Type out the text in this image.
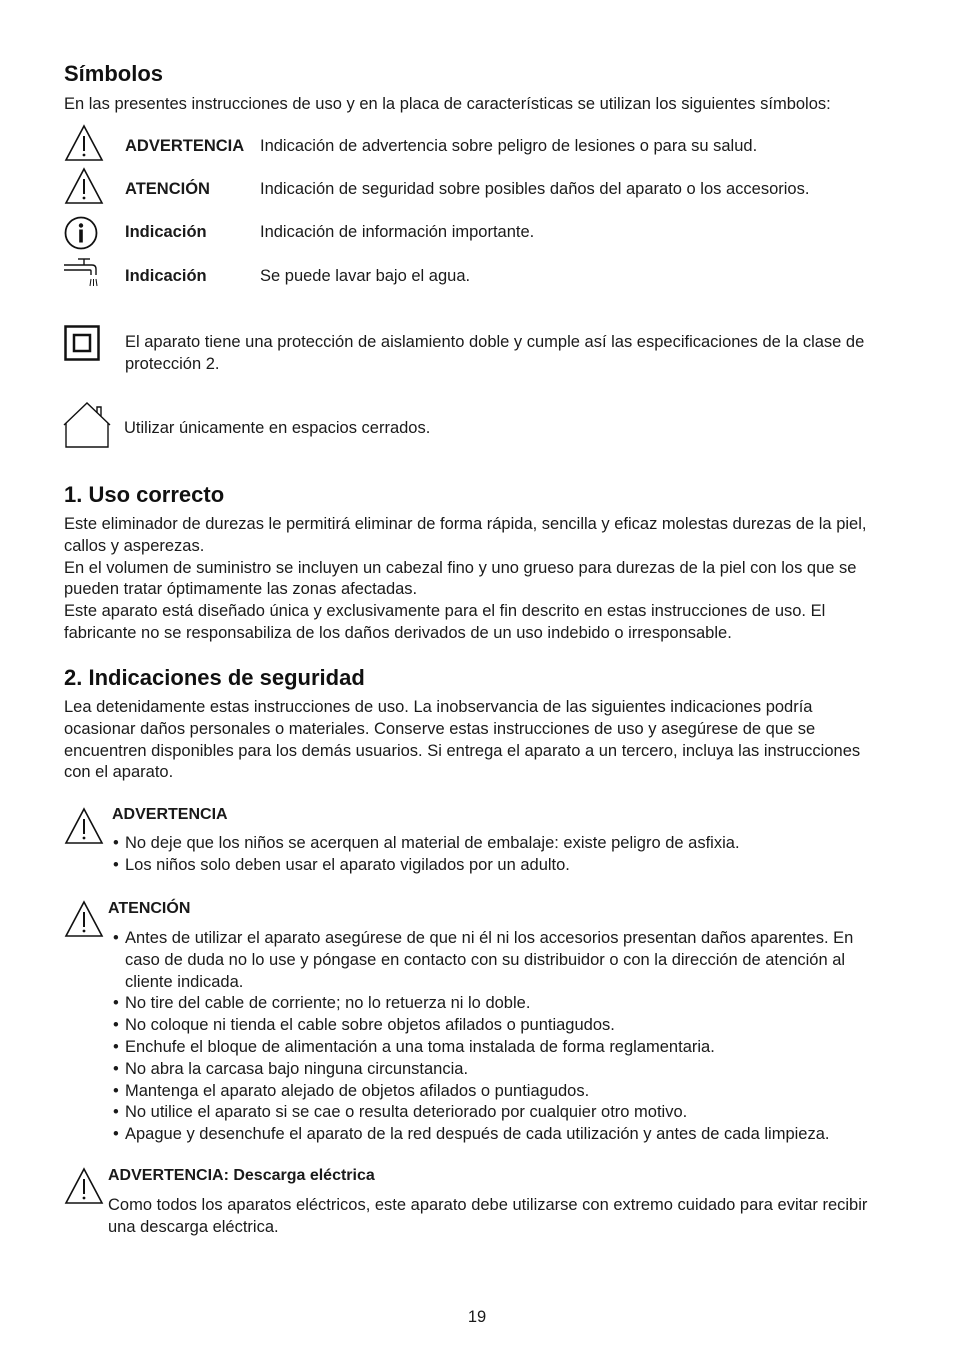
Símbolos
En las presentes instrucciones de uso y en la placa de características se utilizan los siguientes símbolos:
ADVERTENCIA Indicación de advertencia sobre peligro de lesiones o para su salud.
ATENCIÓN	Indicación de seguridad sobre posibles daños del aparato o los accesorios.
Indicación	Indicación de información importante.
Indicación	Se puede lavar bajo el agua.
El aparato tiene una protección de aislamiento doble y cumple así las especificaciones de la clase de protección 2.
Utilizar únicamente en espacios cerrados.
1. Uso correcto

Este eliminador de durezas le permitirá eliminar de forma rápida, sencilla y eficaz molestas durezas de la piel, callos y asperezas.

En el volumen de suministro se incluyen un cabezal fino y uno grueso para durezas de la piel con los que se pueden tratar óptimamente las zonas afectadas.

Este aparato está diseñado única y exclusivamente para el fin descrito en estas instrucciones de uso. El fabricante no se responsabiliza de los daños derivados de un uso indebido o irresponsable.

2. Indicaciones de seguridad
Lea detenidamente estas instrucciones de uso. La inobservancia de las siguientes indicaciones podría ocasionar daños personales o materiales. Conserve estas instrucciones de uso y asegúrese de que se encuentren disponibles para los demás usuarios. Si entrega el aparato a un tercero, incluya las instrucciones con el aparato.
ADVERTENCIA
• No deje que los niños se acerquen al material de embalaje: existe peligro de asfixia.
• Los niños solo deben usar el aparato vigilados por un adulto.
ATENCIÓN
• Antes de utilizar el aparato asegúrese de que ni él ni los accesorios presentan daños aparentes. En caso de duda no lo use y póngase en contacto con su distribuidor o con la dirección de atención al cliente indicada.
• No tire del cable de corriente; no lo retuerza ni lo doble.
• No coloque ni tienda el cable sobre objetos afilados o puntiagudos.
• Enchufe el bloque de alimentación a una toma instalada de forma reglamentaria.
• No abra la carcasa bajo ninguna circunstancia.
• Mantenga el aparato alejado de objetos afilados o puntiagudos.
• No utilice el aparato si se cae o resulta deteriorado por cualquier otro motivo.
• Apague y desenchufe el aparato de la red después de cada utilización y antes de cada limpieza.
ADVERTENCIA: Descarga eléctrica
Como todos los aparatos eléctricos, este aparato debe utilizarse con extremo cuidado para evitar recibir una descarga eléctrica.
19
